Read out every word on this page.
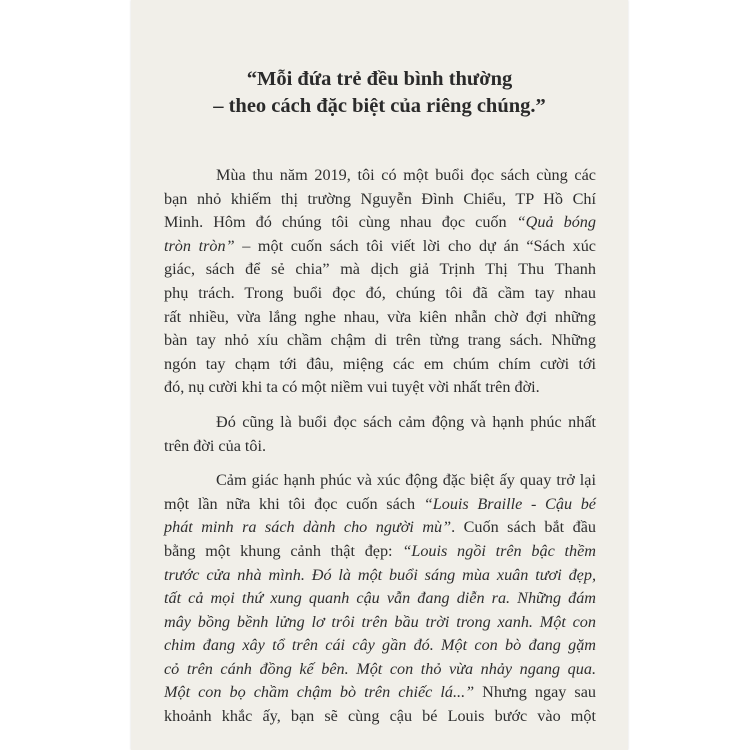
“Mỗi đứa trẻ đều bình thường
– theo cách đặc biệt của riêng chúng.”
Mùa thu năm 2019, tôi có một buổi đọc sách cùng các
bạn nhỏ khiếm thị trường Nguyễn Đình Chiểu, TP Hồ Chí
Minh. Hôm đó chúng tôi cùng nhau đọc cuốn “Quả bóng
tròn tròn” – một cuốn sách tôi viết lời cho dự án “Sách xúc
giác, sách để sẻ chia” mà dịch giả Trịnh Thị Thu Thanh
phụ trách. Trong buổi đọc đó, chúng tôi đã cầm tay nhau
rất nhiều, vừa lắng nghe nhau, vừa kiên nhẫn chờ đợi những
bàn tay nhỏ xíu chầm chậm di trên từng trang sách. Những
ngón tay chạm tới đâu, miệng các em chúm chím cười tới
đó, nụ cười khi ta có một niềm vui tuyệt vời nhất trên đời.
Đó cũng là buổi đọc sách cảm động và hạnh phúc nhất
trên đời của tôi.
Cảm giác hạnh phúc và xúc động đặc biệt ấy quay trở lại
một lần nữa khi tôi đọc cuốn sách “Louis Braille - Cậu bé
phát minh ra sách dành cho người mù”. Cuốn sách bắt đầu
bằng một khung cảnh thật đẹp: “Louis ngồi trên bậc thềm
trước cửa nhà mình. Đó là một buổi sáng mùa xuân tươi đẹp,
tất cả mọi thứ xung quanh cậu vẫn đang diễn ra. Những đám
mây bồng bềnh lửng lơ trôi trên bầu trời trong xanh. Một con
chim đang xây tổ trên cái cây gần đó. Một con bò đang gặm
cỏ trên cánh đồng kế bên. Một con thỏ vừa nhảy ngang qua.
Một con bọ chầm chậm bò trên chiếc lá...” Nhưng ngay sau
khoảnh khắc ấy, bạn sẽ cùng cậu bé Louis bước vào một
